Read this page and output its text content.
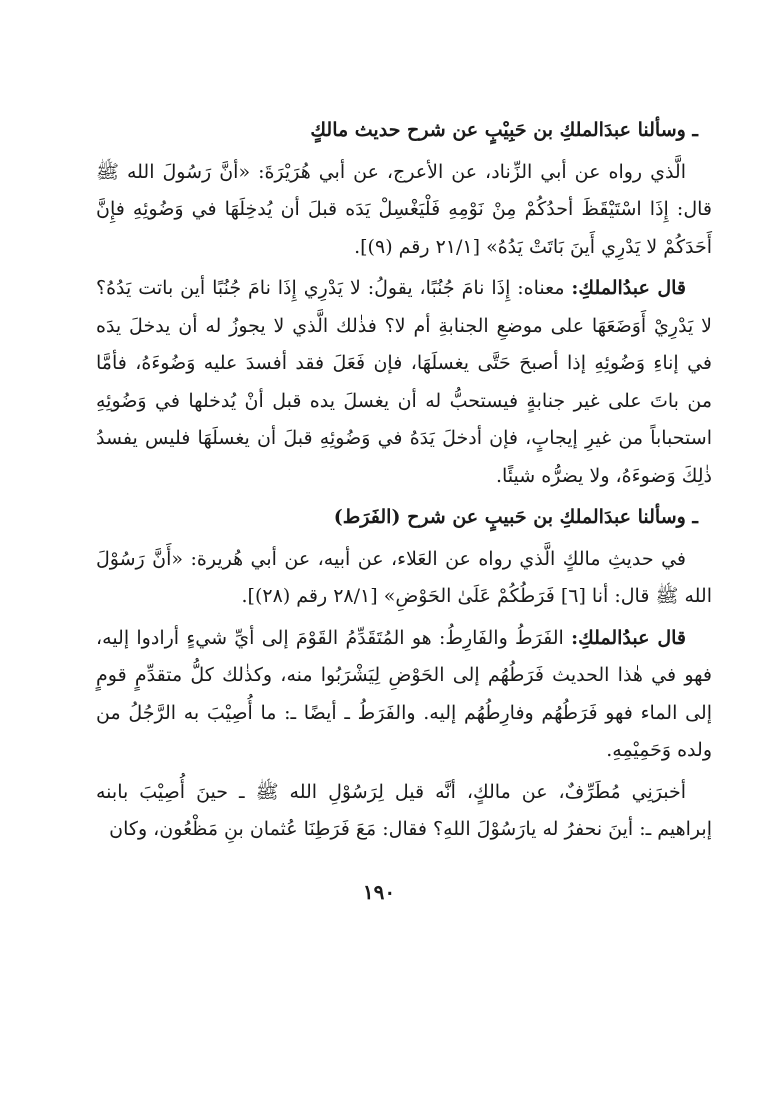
ـ وسألنا عبدَالملكِ بن حَبِيْبٍ عن شرح حديث مالكٍ

الَّذي رواه عن أبي الزِّناد، عن الأعرج، عن أبي هُرَيْرَةَ: «أنَّ رَسُولَ الله ﷺ قال: إِذَا اسْتَيْقَظَ أحدُكُمْ مِنْ نَوْمِهِ فَلْيَغْسِلْ يَدَه قبلَ أن يُدخِلَهَا في وَضُوئِهِ فإِنَّ أَحَدَكُمْ لا يَدْرِي أَينَ بَاتَتْ يَدُهُ» [٢١/١ رقم (٩)].

قال عبدُالملكِ: معناه: إِذَا نامَ جُنُبًا، يقولُ: لا يَدْرِي إِذَا نامَ جُنُبًا أين باتت يَدُهُ؟ لا يَدْرِيْ أَوَضَعَهَا على موضعِ الجنابةِ أم لا؟ فذٰلك الَّذي لا يجوزُ له أن يدخلَ يدَه في إناءِ وَضُوئِهِ إذا أصبحَ حَتَّى يغسلَهَا، فإن فَعَلَ فقد أفسدَ عليه وَضُوءَهُ، فأمَّا من باتَ على غير جنابةٍ فيستحبُّ له أن يغسلَ يده قبل أنْ يُدخلها في وَضُوئِهِ استحباباً من غيرِ إيجابٍ، فإن أدخلَ يَدَهُ في وَضُوئِهِ قبلَ أن يغسلَهَا فليس يفسدُ ذٰلِكَ وَضوءَهُ، ولا يضرُّه شيئًا.

ـ وسألنا عبدَالملكِ بن حَبيبٍ عن شرح (الفَرَط)

في حديثِ مالكٍ الَّذي رواه عن العَلاء، عن أبيه، عن أبي هُريرة: «أَنَّ رَسُوْلَ الله ﷺ قال: أنا [٦] فَرَطُكُمْ عَلَىٰ الحَوْضِ» [٢٨/١ رقم (٢٨)].

قال عبدُالملكِ: الفَرَطُ والفَارِطُ: هو المُتَقَدِّمُ القَوْمَ إلى أيِّ شيءٍ أرادوا إليه، فهو في هٰذا الحديث فَرَطُهُم إلى الحَوْضِ لِيَشْرَبُوا منه، وكذٰلك كلُّ متقدِّمٍ قومٍ إلى الماء فهو فَرَطُهُم وفارِطُهُم إليه. والفَرَطُ ـ أيضًا ـ: ما أُصِيْبَ به الرَّجُلُ من ولده وَحَمِيْمِهِ.

أخبرَنِي مُطَرِّفٌ، عن مالكٍ، أنَّه قيل لِرَسُوْلِ الله ﷺ ـ حينَ أُصِيْبَ بابنه إبراهيم ـ: أينَ نحفرُ له يارَسُوْلَ اللهِ؟ فقال: مَعَ فَرَطِنَا عُثمان بنِ مَظْعُون، وكان

١٩٠
